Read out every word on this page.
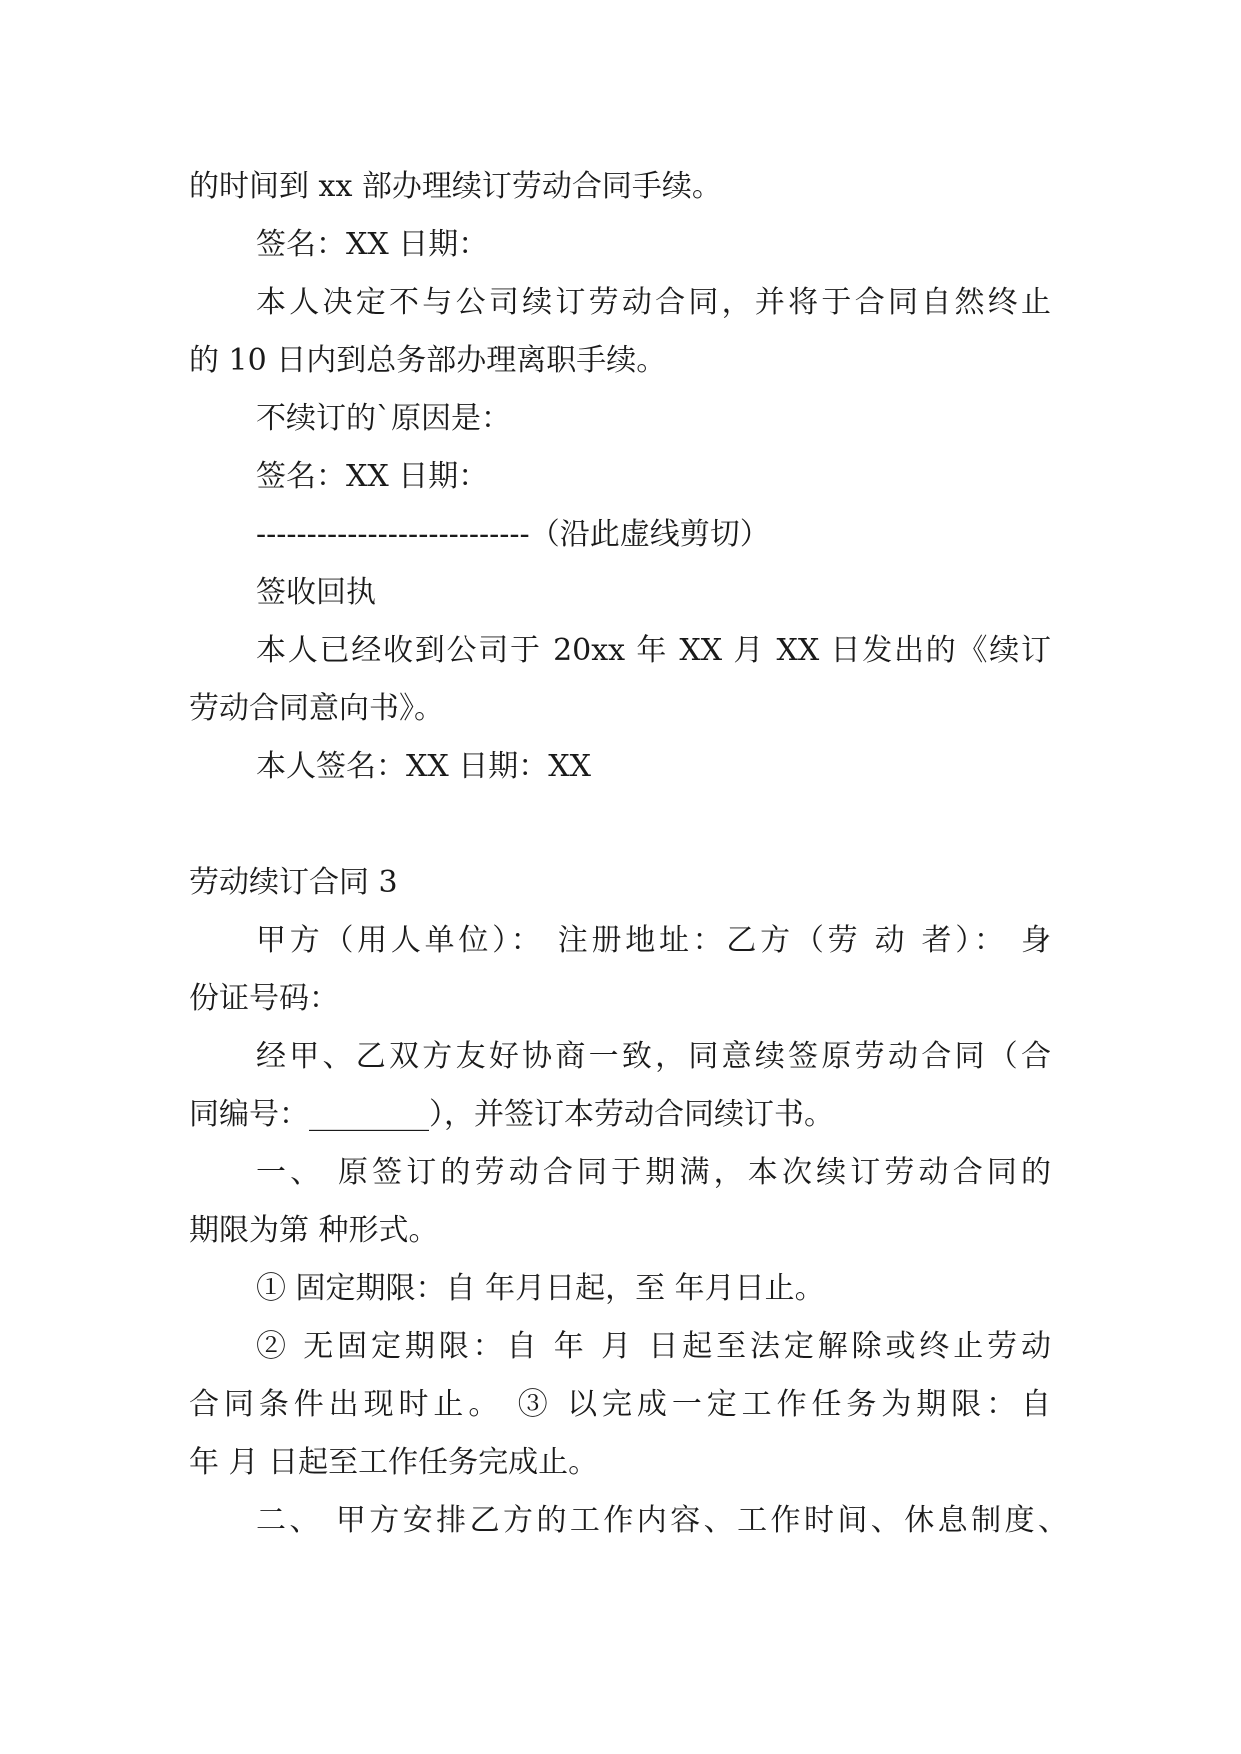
的时间到 xx 部办理续订劳动合同手续。

签名：XX 日期：

本人决定不与公司续订劳动合同，并将于合同自然终止

的 10 日内到总务部办理离职手续。

不续订的`原因是：

签名：XX 日期：

---------------------------（沿此虚线剪切）

签收回执

本人已经收到公司于 20xx 年 XX 月 XX 日发出的《续订

劳动合同意向书》。

本人签名：XX 日期：XX

劳动续订合同 3

甲方（用人单位）： 注册地址：乙方（劳 动 者）： 身

份证号码：

经甲、乙双方友好协商一致，同意续签原劳动合同（合

同编号：________），并签订本劳动合同续订书。

一、 原签订的劳动合同于期满，本次续订劳动合同的

期限为第 种形式。

① 固定期限：自 年月日起，至 年月日止。

② 无固定期限：自 年 月 日起至法定解除或终止劳动

合同条件出现时止。 ③ 以完成一定工作任务为期限：自

年 月 日起至工作任务完成止。

二、 甲方安排乙方的工作内容、工作时间、休息制度、
